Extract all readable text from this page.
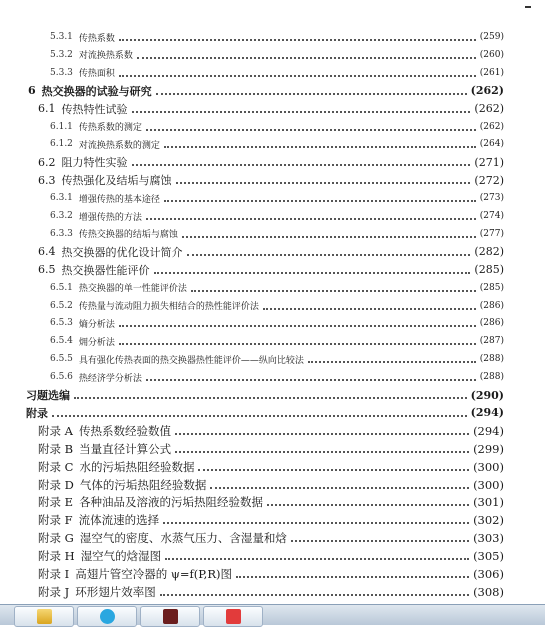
5.3.1 传热系数	(259)
5.3.2 对流换热系数	(260)
5.3.3 传热面积	(261)
6 热交换器的试验与研究	(262)
6.1 传热特性试验	(262)
6.1.1 传热系数的测定	(262)
6.1.2 对流换热系数的测定	(264)
6.2 阻力特性实验	(271)
6.3 传热强化及结垢与腐蚀	(272)
6.3.1 增强传热的基本途径	(273)
6.3.2 增强传热的方法	(274)
6.3.3 传热交换器的结垢与腐蚀	(277)
6.4 热交换器的优化设计简介	(282)
6.5 热交换器性能评价	(285)
6.5.1 热交换器的单一性能评价法	(285)
6.5.2 传热量与流动阻力损失相结合的热性能评价法	(286)
6.5.3 熵分析法	(286)
6.5.4 㶲分析法	(287)
6.5.5 具有强化传热表面的热交换器热性能评价——纵向比较法	(288)
6.5.6 热经济学分析法	(288)
习题选编	(290)
附录	(294)
附录 A 传热系数经验数值	(294)
附录 B 当量直径计算公式	(299)
附录 C 水的污垢热阻经验数据	(300)
附录 D 气体的污垢热阻经验数据	(300)
附录 E 各种油品及溶液的污垢热阻经验数据	(301)
附录 F 流体流速的选择	(302)
附录 G 湿空气的密度、水蒸气压力、含湿量和焓	(303)
附录 H 湿空气的焓湿图	(305)
附录 I 高翅片管空冷器的 ψ=f(P,R)图	(306)
附录 J 环形翅片效率图	(308)
